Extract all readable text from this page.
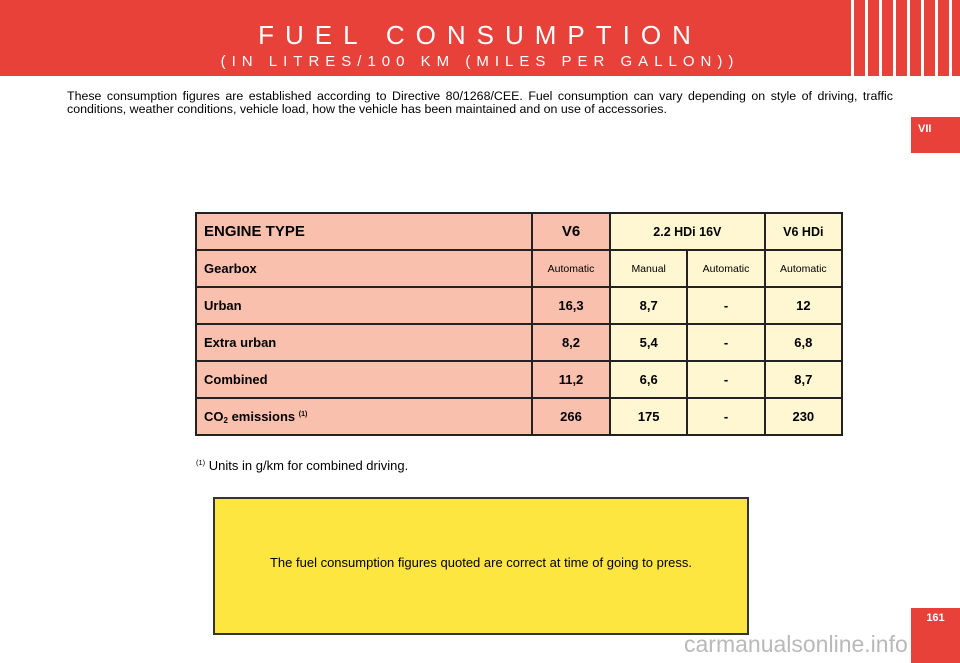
FUEL CONSUMPTION
(IN LITRES/100 KM (MILES PER GALLON))
VII

These consumption figures are established according to Directive 80/1268/CEE. Fuel consumption can vary depending on style of driving, traffic conditions, weather conditions, vehicle load, how the vehicle has been maintained and on use of accessories.

ENGINE TYPE	V6	2.2 HDi 16V		V6 HDi
Gearbox	Automatic	Manual	Automatic	Automatic
Urban	16,3	8,7	-	12
Extra urban	8,2	5,4	-	6,8
Combined	11,2	6,6	-	8,7
$CO_2$ emissions $^{(1)}$	266	175	-	230
$^{(1)}$ Units in g/km for combined driving.
The fuel consumption figures quoted are correct at time of going to press.
161
carmanualsonline.info
